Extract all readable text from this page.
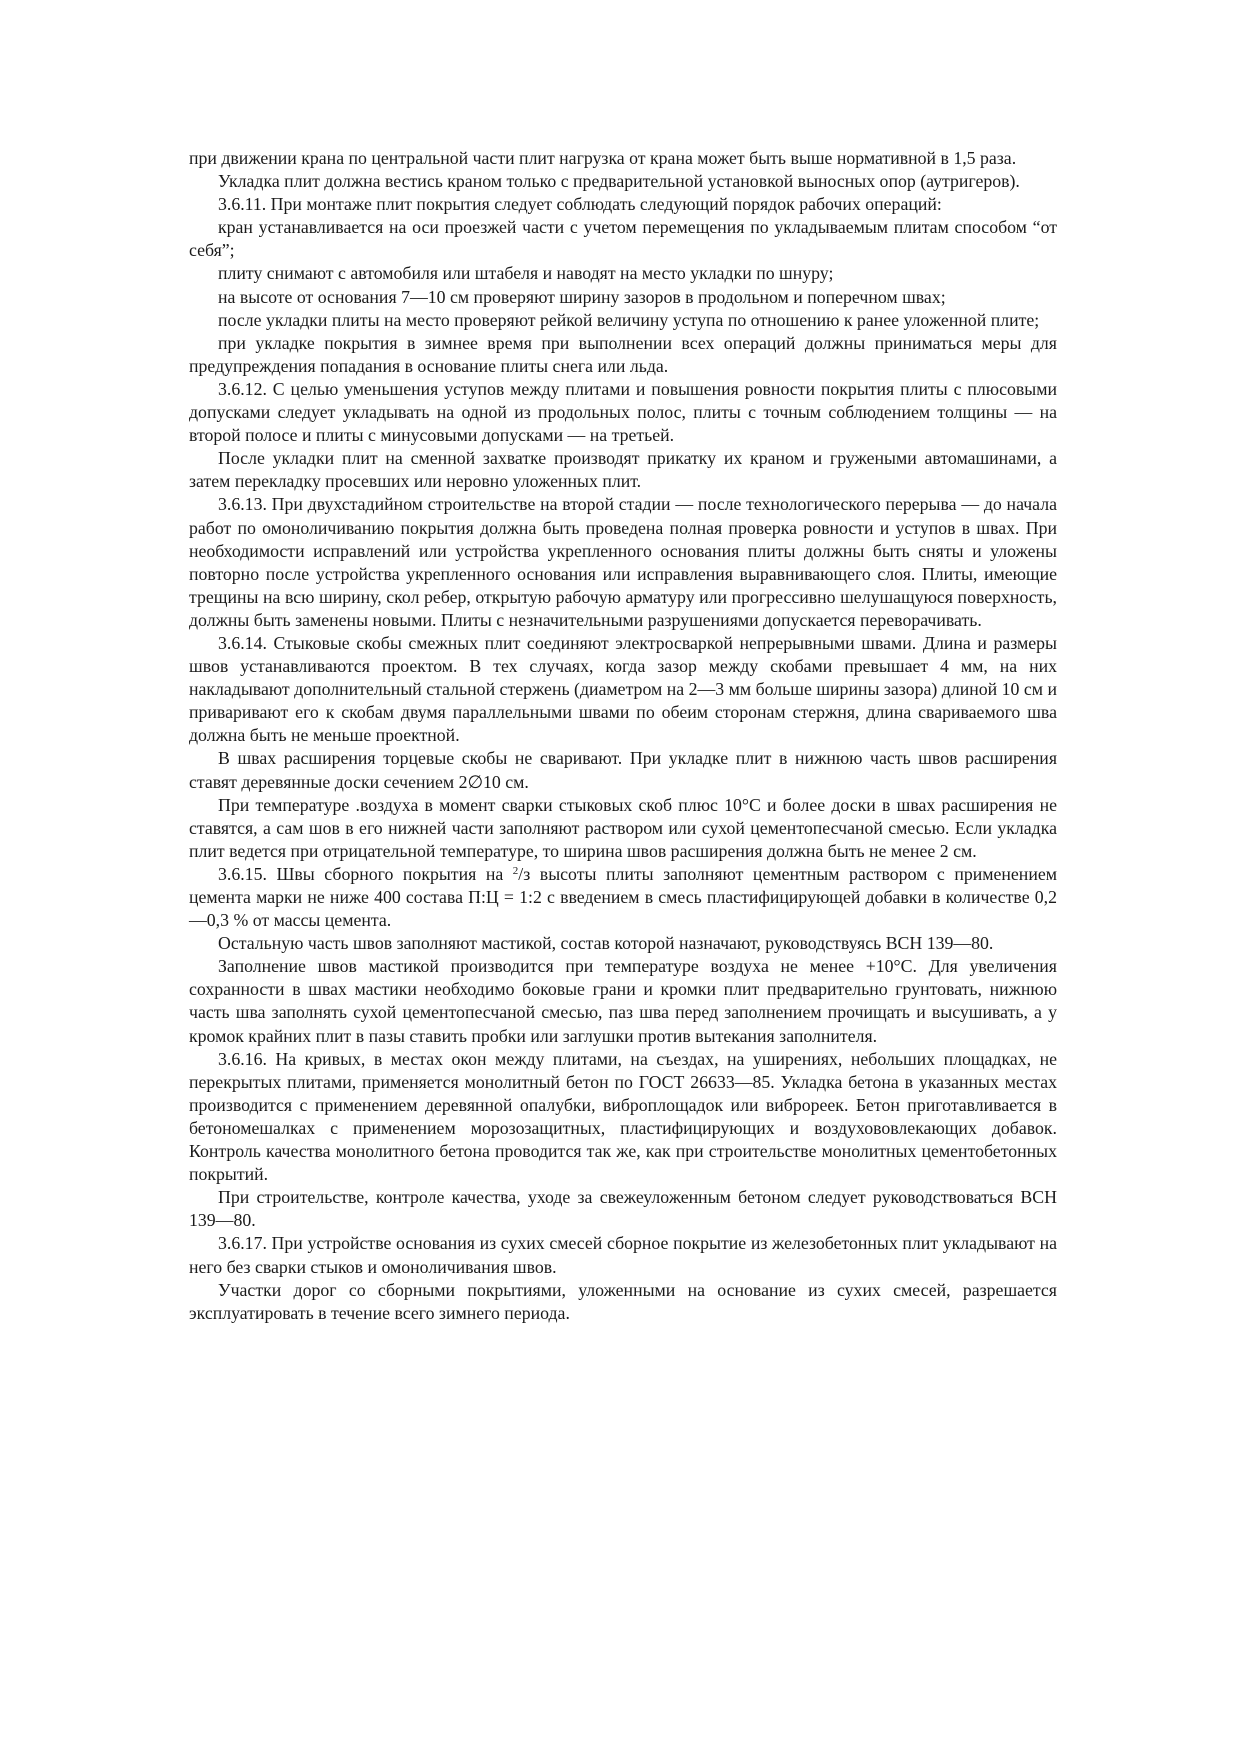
при движении крана по центральной части плит нагрузка от крана может быть выше нормативной в 1,5 раза.

Укладка плит должна вестись краном только с предварительной установкой выносных опор (аутригеров).

3.6.11. При монтаже плит покрытия следует соблюдать следующий порядок рабочих операций:

кран устанавливается на оси проезжей части с учетом перемещения по укладываемым плитам способом “от себя”;

плиту снимают с автомобиля или штабеля и наводят на место укладки по шнуру;

на высоте от основания 7—10 см проверяют ширину зазоров в продольном и поперечном швах;

после укладки плиты на место проверяют рейкой величину уступа по отношению к ранее уложенной плите;

при укладке покрытия в зимнее время при выполнении всех операций должны приниматься меры для предупреждения попадания в основание плиты снега или льда.

3.6.12. С целью уменьшения уступов между плитами и повышения ровности покрытия плиты с плюсовыми допусками следует укладывать на одной из продольных полос, плиты с точным соблюдением толщины — на второй полосе и плиты с минусовыми допусками — на третьей.

После укладки плит на сменной захватке производят прикатку их краном и гружеными автомашинами, а затем перекладку просевших или неровно уложенных плит.

3.6.13. При двухстадийном строительстве на второй стадии — после технологического перерыва — до начала работ по омоноличиванию покрытия должна быть проведена полная проверка ровности и уступов в швах. При необходимости исправлений или устройства укрепленного основания плиты должны быть сняты и уложены повторно после устройства укрепленного основания или исправления выравнивающего слоя. Плиты, имеющие трещины на всю ширину, скол ребер, открытую рабочую арматуру или прогрессивно шелушащуюся поверхность, должны быть заменены новыми. Плиты с незначительными разрушениями допускается переворачивать.

3.6.14. Стыковые скобы смежных плит соединяют электросваркой непрерывными швами. Длина и размеры швов устанавливаются проектом. В тех случаях, когда зазор между скобами превышает 4 мм, на них накладывают дополнительный стальной стержень (диаметром на 2—3 мм больше ширины зазора) длиной 10 см и приваривают его к скобам двумя параллельными швами по обеим сторонам стержня, длина свариваемого шва должна быть не меньше проектной.

В швах расширения торцевые скобы не сваривают. При укладке плит в нижнюю часть швов расширения ставят деревянные доски сечением 2∅10 см.

При температуре .воздуха в момент сварки стыковых скоб плюс 10°С и более доски в швах расширения не ставятся, а сам шов в его нижней части заполняют раствором или сухой цементопесчаной смесью. Если укладка плит ведется при отрицательной температуре, то ширина швов расширения должна быть не менее 2 см.

3.6.15. Швы сборного покрытия на $^2$/з высоты плиты заполняют цементным раствором с применением цемента марки не ниже 400 состава П:Ц = 1:2 с введением в смесь пластифицирующей добавки в количестве 0,2—0,3 % от массы цемента.

Остальную часть швов заполняют мастикой, состав которой назначают, руководствуясь ВСН 139—80.

Заполнение швов мастикой производится при температуре воздуха не менее +10°С. Для увеличения сохранности в швах мастики необходимо боковые грани и кромки плит предварительно грунтовать, нижнюю часть шва заполнять сухой цементопесчаной смесью, паз шва перед заполнением прочищать и высушивать, а у кромок крайних плит в пазы ставить пробки или заглушки против вытекания заполнителя.

3.6.16. На кривых, в местах окон между плитами, на съездах, на уширениях, небольших площадках, не перекрытых плитами, применяется монолитный бетон по ГОСТ 26633—85. Укладка бетона в указанных местах производится с применением деревянной опалубки, виброплощадок или виброреек. Бетон приготавливается в бетономешалках с применением морозозащитных, пластифицирующих и воздухововлекающих добавок. Контроль качества монолитного бетона проводится так же, как при строительстве монолитных цементобетонных покрытий.

При строительстве, контроле качества, уходе за свежеуложенным бетоном следует руководствоваться ВСН 139—80.

3.6.17. При устройстве основания из сухих смесей сборное покрытие из железобетонных плит укладывают на него без сварки стыков и омоноличивания швов.

Участки дорог со сборными покрытиями, уложенными на основание из сухих смесей, разрешается эксплуатировать в течение всего зимнего периода.
